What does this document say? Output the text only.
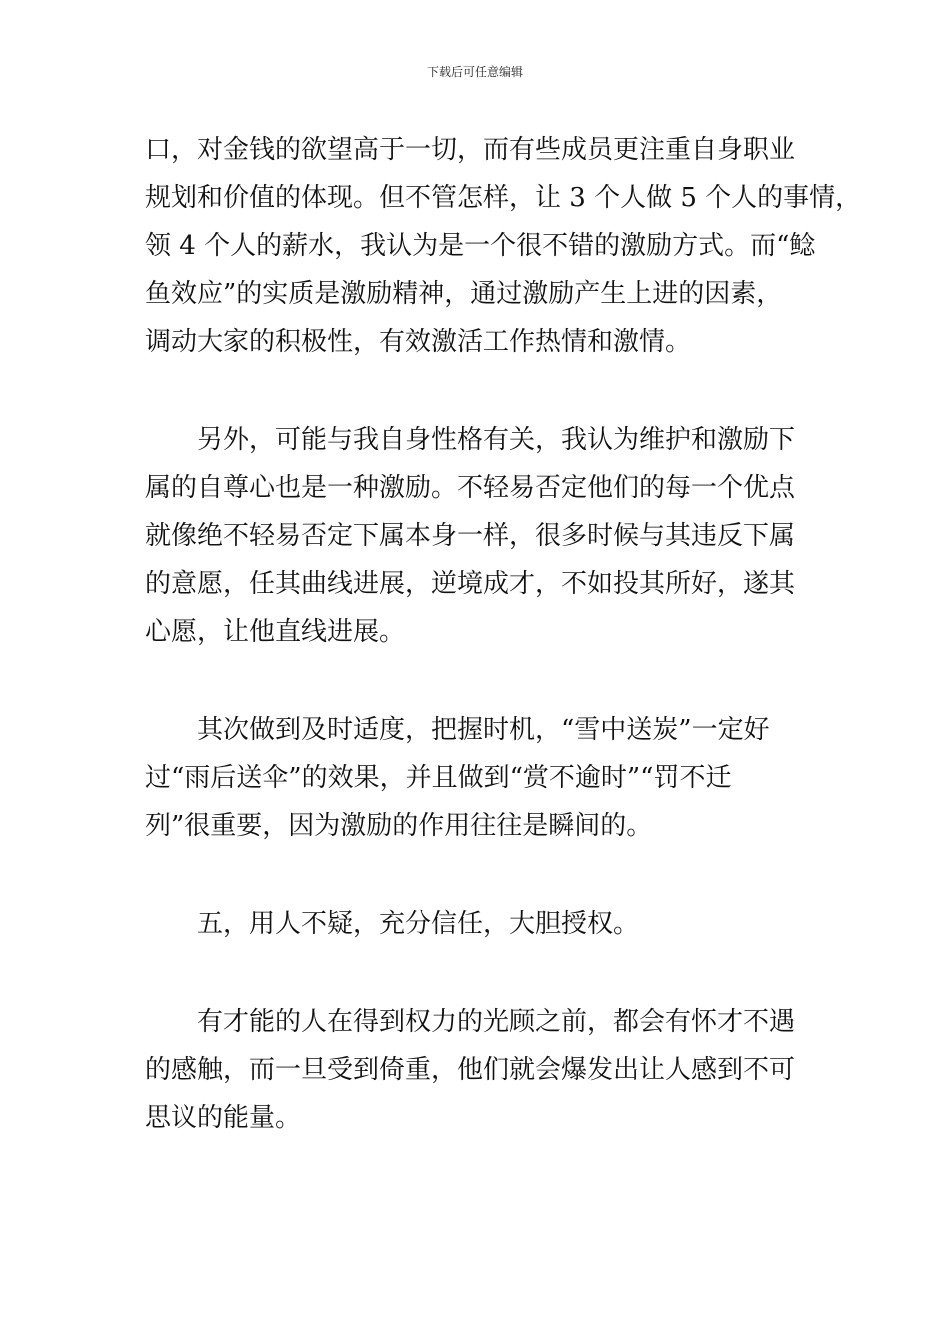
下载后可任意编辑
口，对金钱的欲望高于一切，而有些成员更注重自身职业
规划和价值的体现。但不管怎样，让 3 个人做 5 个人的事情，
领 4 个人的薪水，我认为是一个很不错的激励方式。而“鲶
鱼效应”的实质是激励精神，通过激励产生上进的因素，
调动大家的积极性，有效激活工作热情和激情。
　　另外，可能与我自身性格有关，我认为维护和激励下
属的自尊心也是一种激励。不轻易否定他们的每一个优点
就像绝不轻易否定下属本身一样，很多时候与其违反下属
的意愿，任其曲线进展，逆境成才，不如投其所好，遂其
心愿，让他直线进展。
　　其次做到及时适度，把握时机，“雪中送炭”一定好
过“雨后送伞”的效果，并且做到“赏不逾时”“罚不迁
列”很重要，因为激励的作用往往是瞬间的。
　　五，用人不疑，充分信任，大胆授权。
　　有才能的人在得到权力的光顾之前，都会有怀才不遇
的感触，而一旦受到倚重，他们就会爆发出让人感到不可
思议的能量。
